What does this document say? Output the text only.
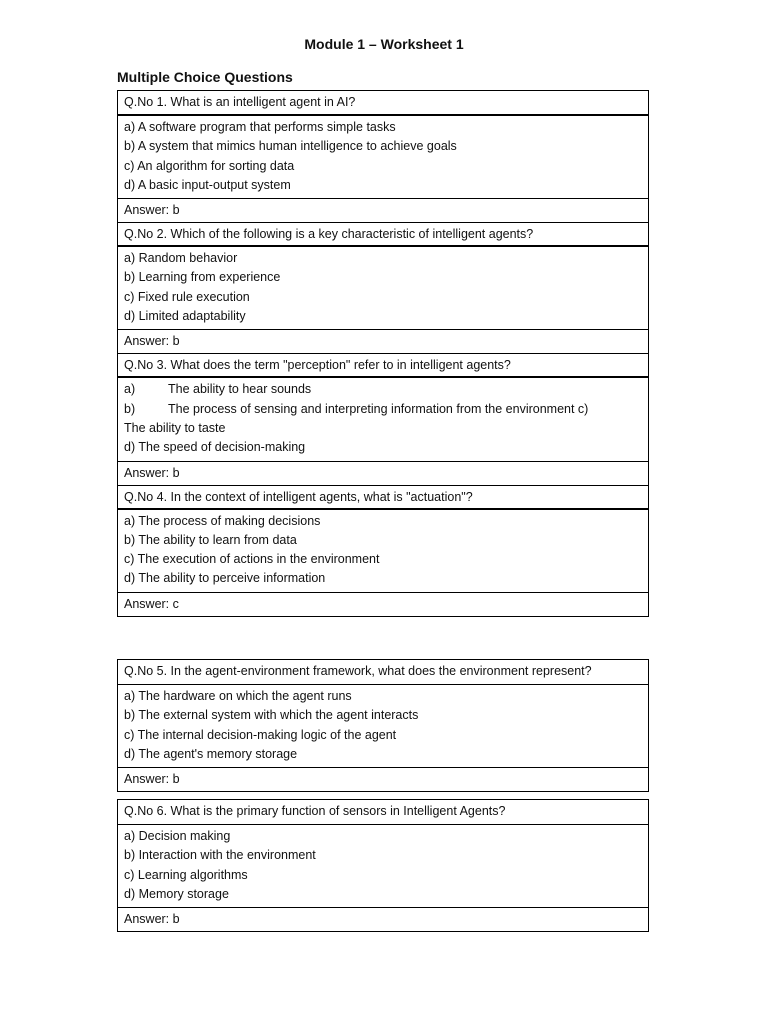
Module 1 – Worksheet 1
Multiple Choice Questions
Q.No 1. What is an intelligent agent in AI?
a) A software program that performs simple tasks
b) A system that mimics human intelligence to achieve goals
c) An algorithm for sorting data
d) A basic input-output system
Answer: b
Q.No 2. Which of the following is a key characteristic of intelligent agents?
a) Random behavior
b) Learning from experience
c) Fixed rule execution
d) Limited adaptability
Answer: b
Q.No 3. What does the term "perception" refer to in intelligent agents?
a)	The ability to hear sounds
b)	The process of sensing and interpreting information from the environment c)
The ability to taste
d) The speed of decision-making
Answer: b
Q.No 4. In the context of intelligent agents, what is "actuation"?
a) The process of making decisions
b) The ability to learn from data
c) The execution of actions in the environment
d) The ability to perceive information
Answer: c
Q.No 5. In the agent-environment framework, what does the environment represent?
a) The hardware on which the agent runs
b) The external system with which the agent interacts
c) The internal decision-making logic of the agent
d) The agent's memory storage
Answer: b
Q.No 6. What is the primary function of sensors in Intelligent Agents?
a) Decision making
b) Interaction with the environment
c) Learning algorithms
d) Memory storage
Answer: b
